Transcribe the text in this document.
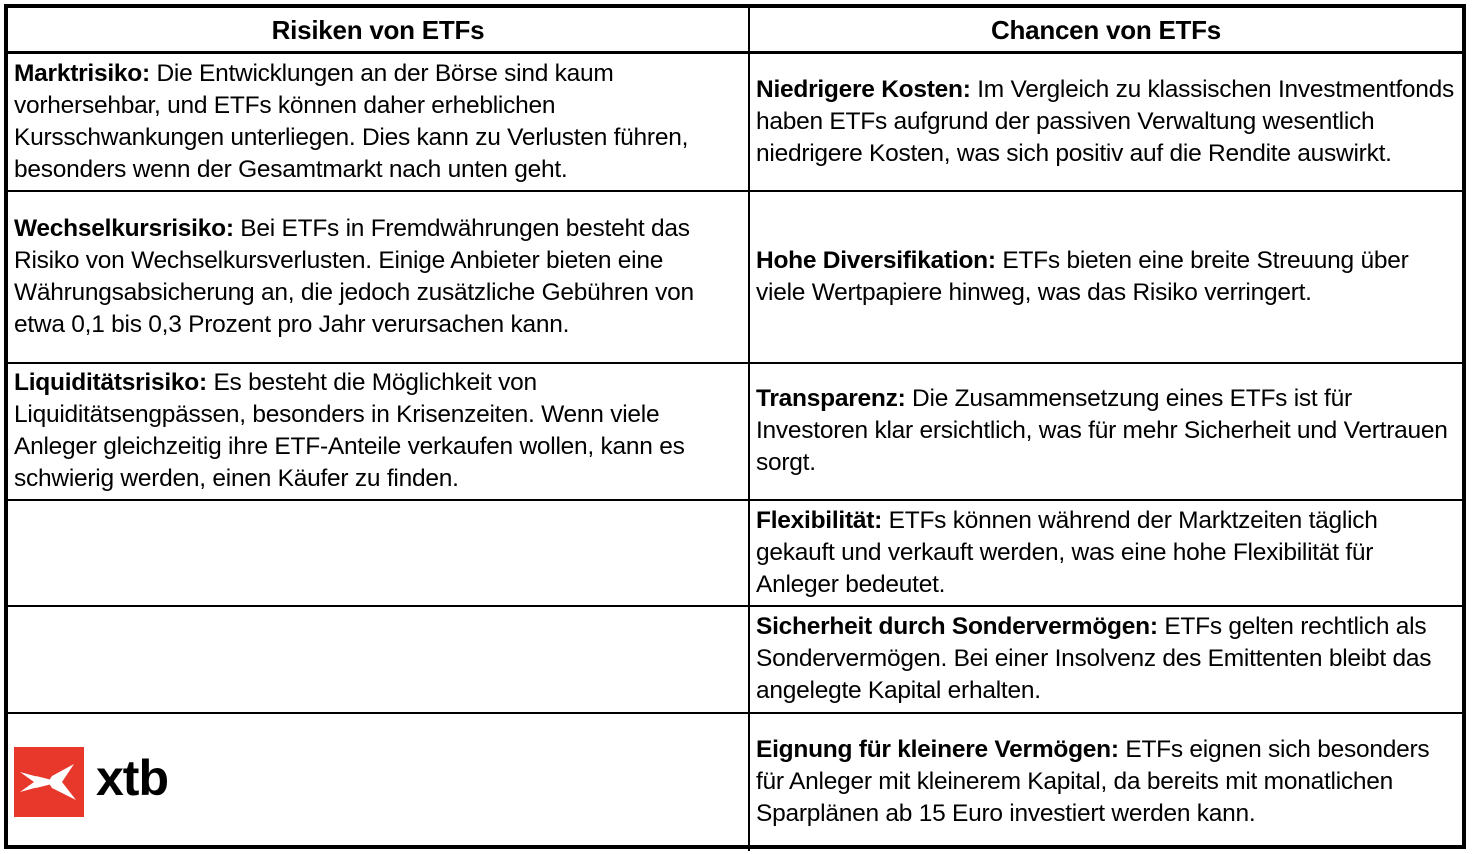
Risiken von ETFs	Chancen von ETFs
Marktrisiko: Die Entwicklungen an der Börse sind kaum vorhersehbar, und ETFs können daher erheblichen Kursschwankungen unterliegen. Dies kann zu Verlusten führen, besonders wenn der Gesamtmarkt nach unten geht.	Niedrigere Kosten: Im Vergleich zu klassischen Investmentfonds haben ETFs aufgrund der passiven Verwaltung wesentlich niedrigere Kosten, was sich positiv auf die Rendite auswirkt.
Wechselkursrisiko: Bei ETFs in Fremdwährungen besteht das Risiko von Wechselkursverlusten. Einige Anbieter bieten eine Währungsabsicherung an, die jedoch zusätzliche Gebühren von etwa 0,1 bis 0,3 Prozent pro Jahr verursachen kann.	Hohe Diversifikation: ETFs bieten eine breite Streuung über viele Wertpapiere hinweg, was das Risiko verringert.
Liquiditätsrisiko: Es besteht die Möglichkeit von Liquiditätsengpässen, besonders in Krisenzeiten. Wenn viele Anleger gleichzeitig ihre ETF-Anteile verkaufen wollen, kann es schwierig werden, einen Käufer zu finden.	Transparenz: Die Zusammensetzung eines ETFs ist für Investoren klar ersichtlich, was für mehr Sicherheit und Vertrauen sorgt.
	Flexibilität: ETFs können während der Marktzeiten täglich gekauft und verkauft werden, was eine hohe Flexibilität für Anleger bedeutet.
	Sicherheit durch Sondervermögen: ETFs gelten rechtlich als Sondervermögen. Bei einer Insolvenz des Emittenten bleibt das angelegte Kapital erhalten.

xtb	Eignung für kleinere Vermögen: ETFs eignen sich besonders für Anleger mit kleinerem Kapital, da bereits mit monatlichen Sparplänen ab 15 Euro investiert werden kann.
